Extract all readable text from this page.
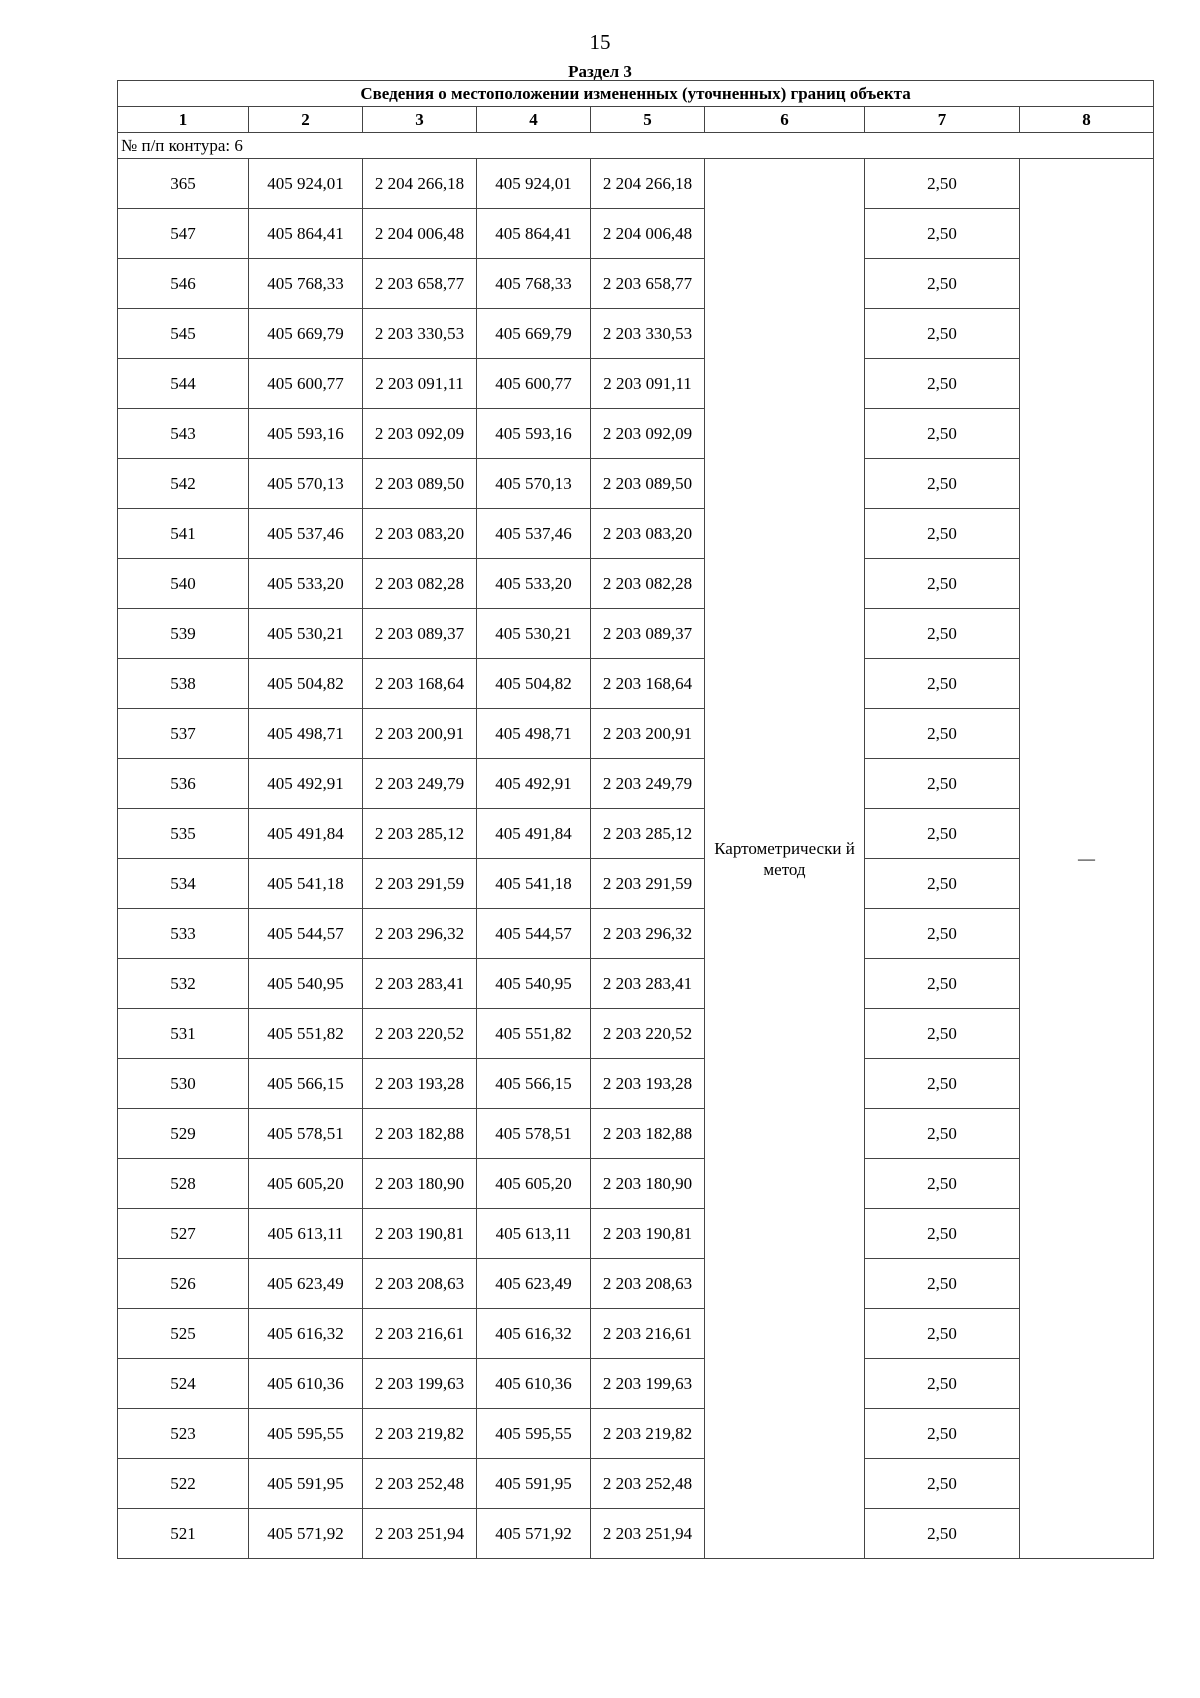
15
Раздел 3
Сведения о местоположении измененных (уточненных) границ объекта							
1	2	3	4	5	6	7	8
№ п/п контура: 6							
365	405 924,01	2 204 266,18	405 924,01	2 204 266,18	Картометрически й метод	2,50	—
547	405 864,41	2 204 006,48	405 864,41	2 204 006,48		2,50	
546	405 768,33	2 203 658,77	405 768,33	2 203 658,77		2,50	
545	405 669,79	2 203 330,53	405 669,79	2 203 330,53		2,50	
544	405 600,77	2 203 091,11	405 600,77	2 203 091,11		2,50	
543	405 593,16	2 203 092,09	405 593,16	2 203 092,09		2,50	
542	405 570,13	2 203 089,50	405 570,13	2 203 089,50		2,50	
541	405 537,46	2 203 083,20	405 537,46	2 203 083,20		2,50	
540	405 533,20	2 203 082,28	405 533,20	2 203 082,28		2,50	
539	405 530,21	2 203 089,37	405 530,21	2 203 089,37		2,50	
538	405 504,82	2 203 168,64	405 504,82	2 203 168,64		2,50	
537	405 498,71	2 203 200,91	405 498,71	2 203 200,91		2,50	
536	405 492,91	2 203 249,79	405 492,91	2 203 249,79		2,50	
535	405 491,84	2 203 285,12	405 491,84	2 203 285,12		2,50	
534	405 541,18	2 203 291,59	405 541,18	2 203 291,59		2,50	
533	405 544,57	2 203 296,32	405 544,57	2 203 296,32		2,50	
532	405 540,95	2 203 283,41	405 540,95	2 203 283,41		2,50	
531	405 551,82	2 203 220,52	405 551,82	2 203 220,52		2,50	
530	405 566,15	2 203 193,28	405 566,15	2 203 193,28		2,50	
529	405 578,51	2 203 182,88	405 578,51	2 203 182,88		2,50	
528	405 605,20	2 203 180,90	405 605,20	2 203 180,90		2,50	
527	405 613,11	2 203 190,81	405 613,11	2 203 190,81		2,50	
526	405 623,49	2 203 208,63	405 623,49	2 203 208,63		2,50	
525	405 616,32	2 203 216,61	405 616,32	2 203 216,61		2,50	
524	405 610,36	2 203 199,63	405 610,36	2 203 199,63		2,50	
523	405 595,55	2 203 219,82	405 595,55	2 203 219,82		2,50	
522	405 591,95	2 203 252,48	405 591,95	2 203 252,48		2,50	
521	405 571,92	2 203 251,94	405 571,92	2 203 251,94		2,50	
